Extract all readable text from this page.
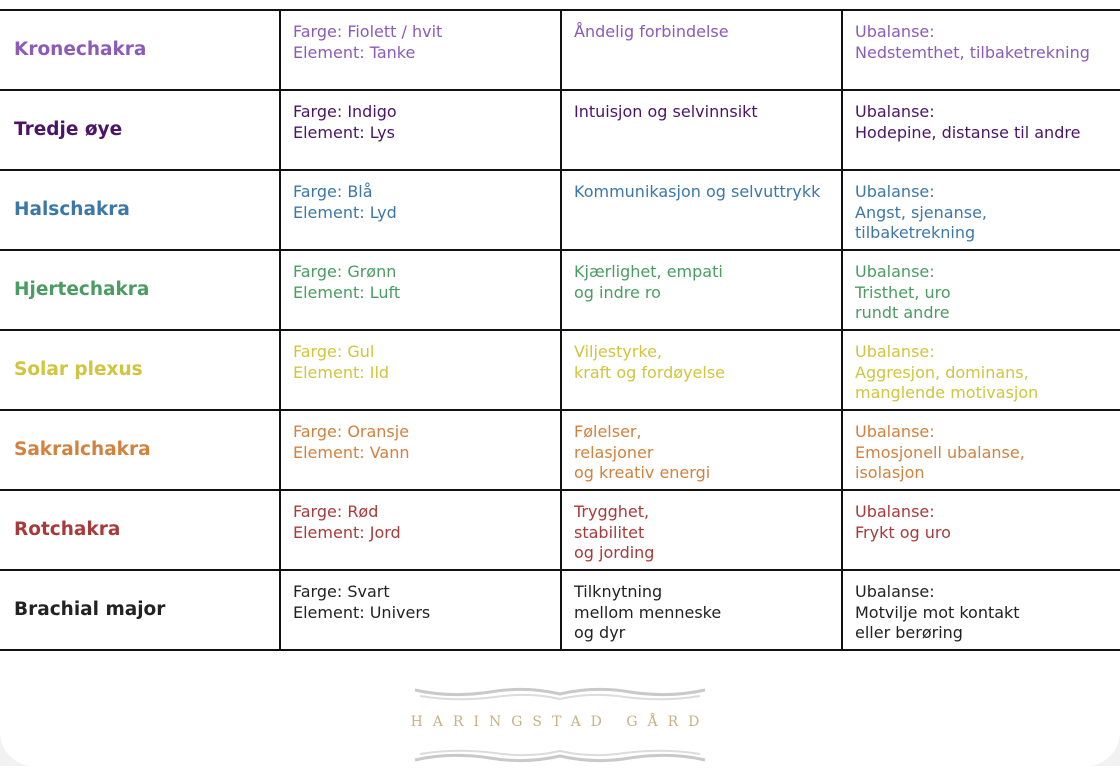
Kronechakra	Farge: Fiolett / hvit
Element: Tanke	Åndelig forbindelse	Ubalanse:
Nedstemthet, tilbaketrekning

Tredje øye	Farge: Indigo
Element: Lys	Intuisjon og selvinnsikt	Ubalanse:
Hodepine, distanse til andre

Halschakra	Farge: Blå
Element: Lyd	Kommunikasjon og selvuttrykk	Ubalanse:
Angst, sjenanse,
tilbaketrekning

Hjertechakra	Farge: Grønn
Element: Luft	Kjærlighet, empati
og indre ro	Ubalanse:
Tristhet, uro
rundt andre

Solar plexus	Farge: Gul
Element: Ild	Viljestyrke,
kraft og fordøyelse	Ubalanse:
Aggresjon, dominans,
manglende motivasjon

Sakralchakra	Farge: Oransje
Element: Vann	Følelser,
relasjoner
og kreativ energi	Ubalanse:
Emosjonell ubalanse,
isolasjon

Rotchakra	Farge: Rød
Element: Jord	Trygghet,
stabilitet
og jording	Ubalanse:
Frykt og uro

Brachial major	Farge: Svart
Element: Univers	Tilknytning
mellom menneske
og dyr	Ubalanse:
Motvilje mot kontakt
eller berøring
HARINGSTAD GÅRD
